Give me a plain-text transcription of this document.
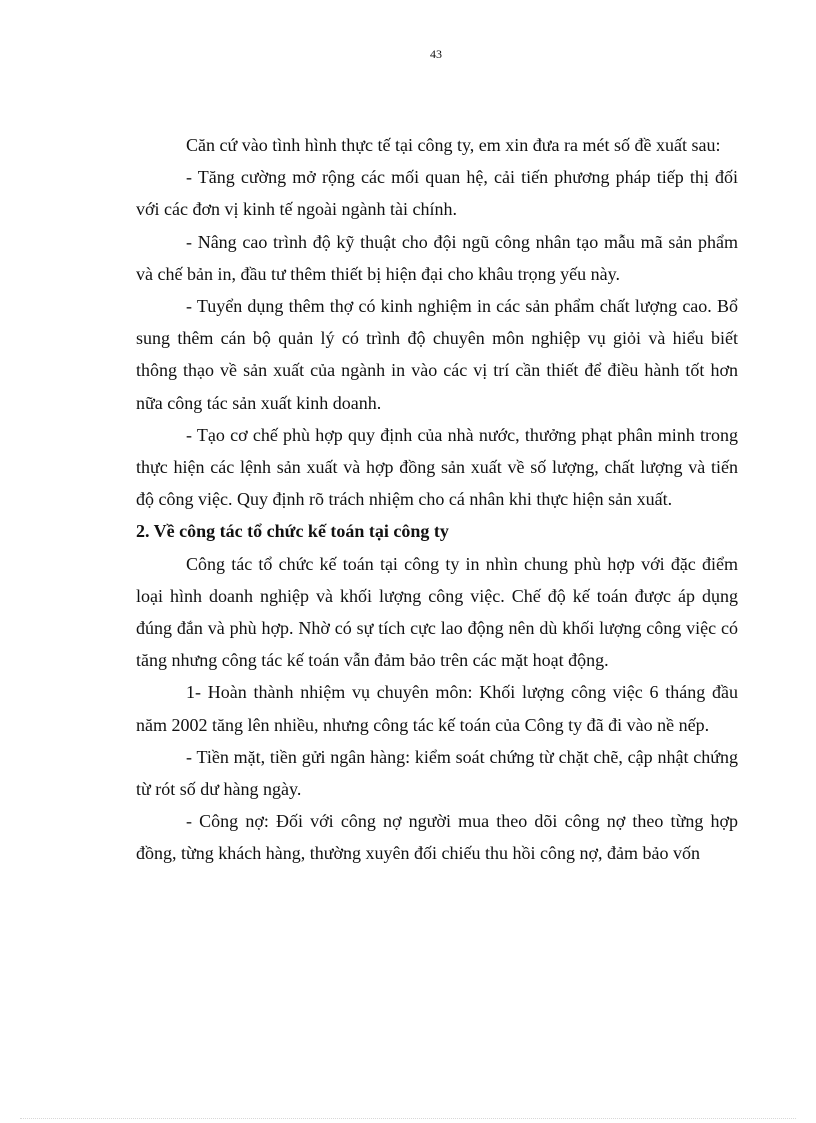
43

Căn cứ vào tình hình thực tế tại công ty, em xin đưa ra mét số đề xuất sau:

- Tăng cường mở rộng các mối quan hệ, cải tiến phương pháp tiếp thị đối với các đơn vị kinh tế ngoài ngành tài chính.

- Nâng cao trình độ kỹ thuật cho đội ngũ công nhân tạo mẫu mã sản phẩm và chế bản in, đầu tư thêm thiết bị hiện đại cho khâu trọng yếu này.

- Tuyển dụng thêm thợ có kinh nghiệm in các sản phẩm chất lượng cao. Bổ sung thêm cán bộ quản lý có trình độ chuyên môn nghiệp vụ giỏi và hiểu biết thông thạo về sản xuất của ngành in vào các vị trí cần thiết để điều hành tốt hơn nữa công tác sản xuất kinh doanh.

- Tạo cơ chế phù hợp quy định của nhà nước, thưởng phạt phân minh trong thực hiện các lệnh sản xuất và hợp đồng sản xuất về số lượng, chất lượng và tiến độ công việc. Quy định rõ trách nhiệm cho cá nhân khi thực hiện sản xuất.

2. Về công tác tổ chức kế toán tại công ty

Công tác tổ chức kế toán tại công ty in nhìn chung phù hợp với đặc điểm loại hình doanh nghiệp và khối lượng công việc. Chế độ kế toán được áp dụng đúng đắn và phù hợp. Nhờ có sự tích cực lao động nên dù khối lượng công việc có tăng nhưng công tác kế toán vẫn đảm bảo trên các mặt hoạt động.

1- Hoàn thành nhiệm vụ chuyên môn: Khối lượng công việc 6 tháng đầu năm 2002 tăng lên nhiều, nhưng công tác kế toán của Công ty đã đi vào nề nếp.

- Tiền mặt, tiền gửi ngân hàng: kiểm soát chứng từ chặt chẽ, cập nhật chứng từ rót số dư hàng ngày.

- Công nợ: Đối với công nợ người mua theo dõi công nợ theo từng hợp đồng, từng khách hàng, thường xuyên đối chiếu thu hồi công nợ, đảm bảo vốn
